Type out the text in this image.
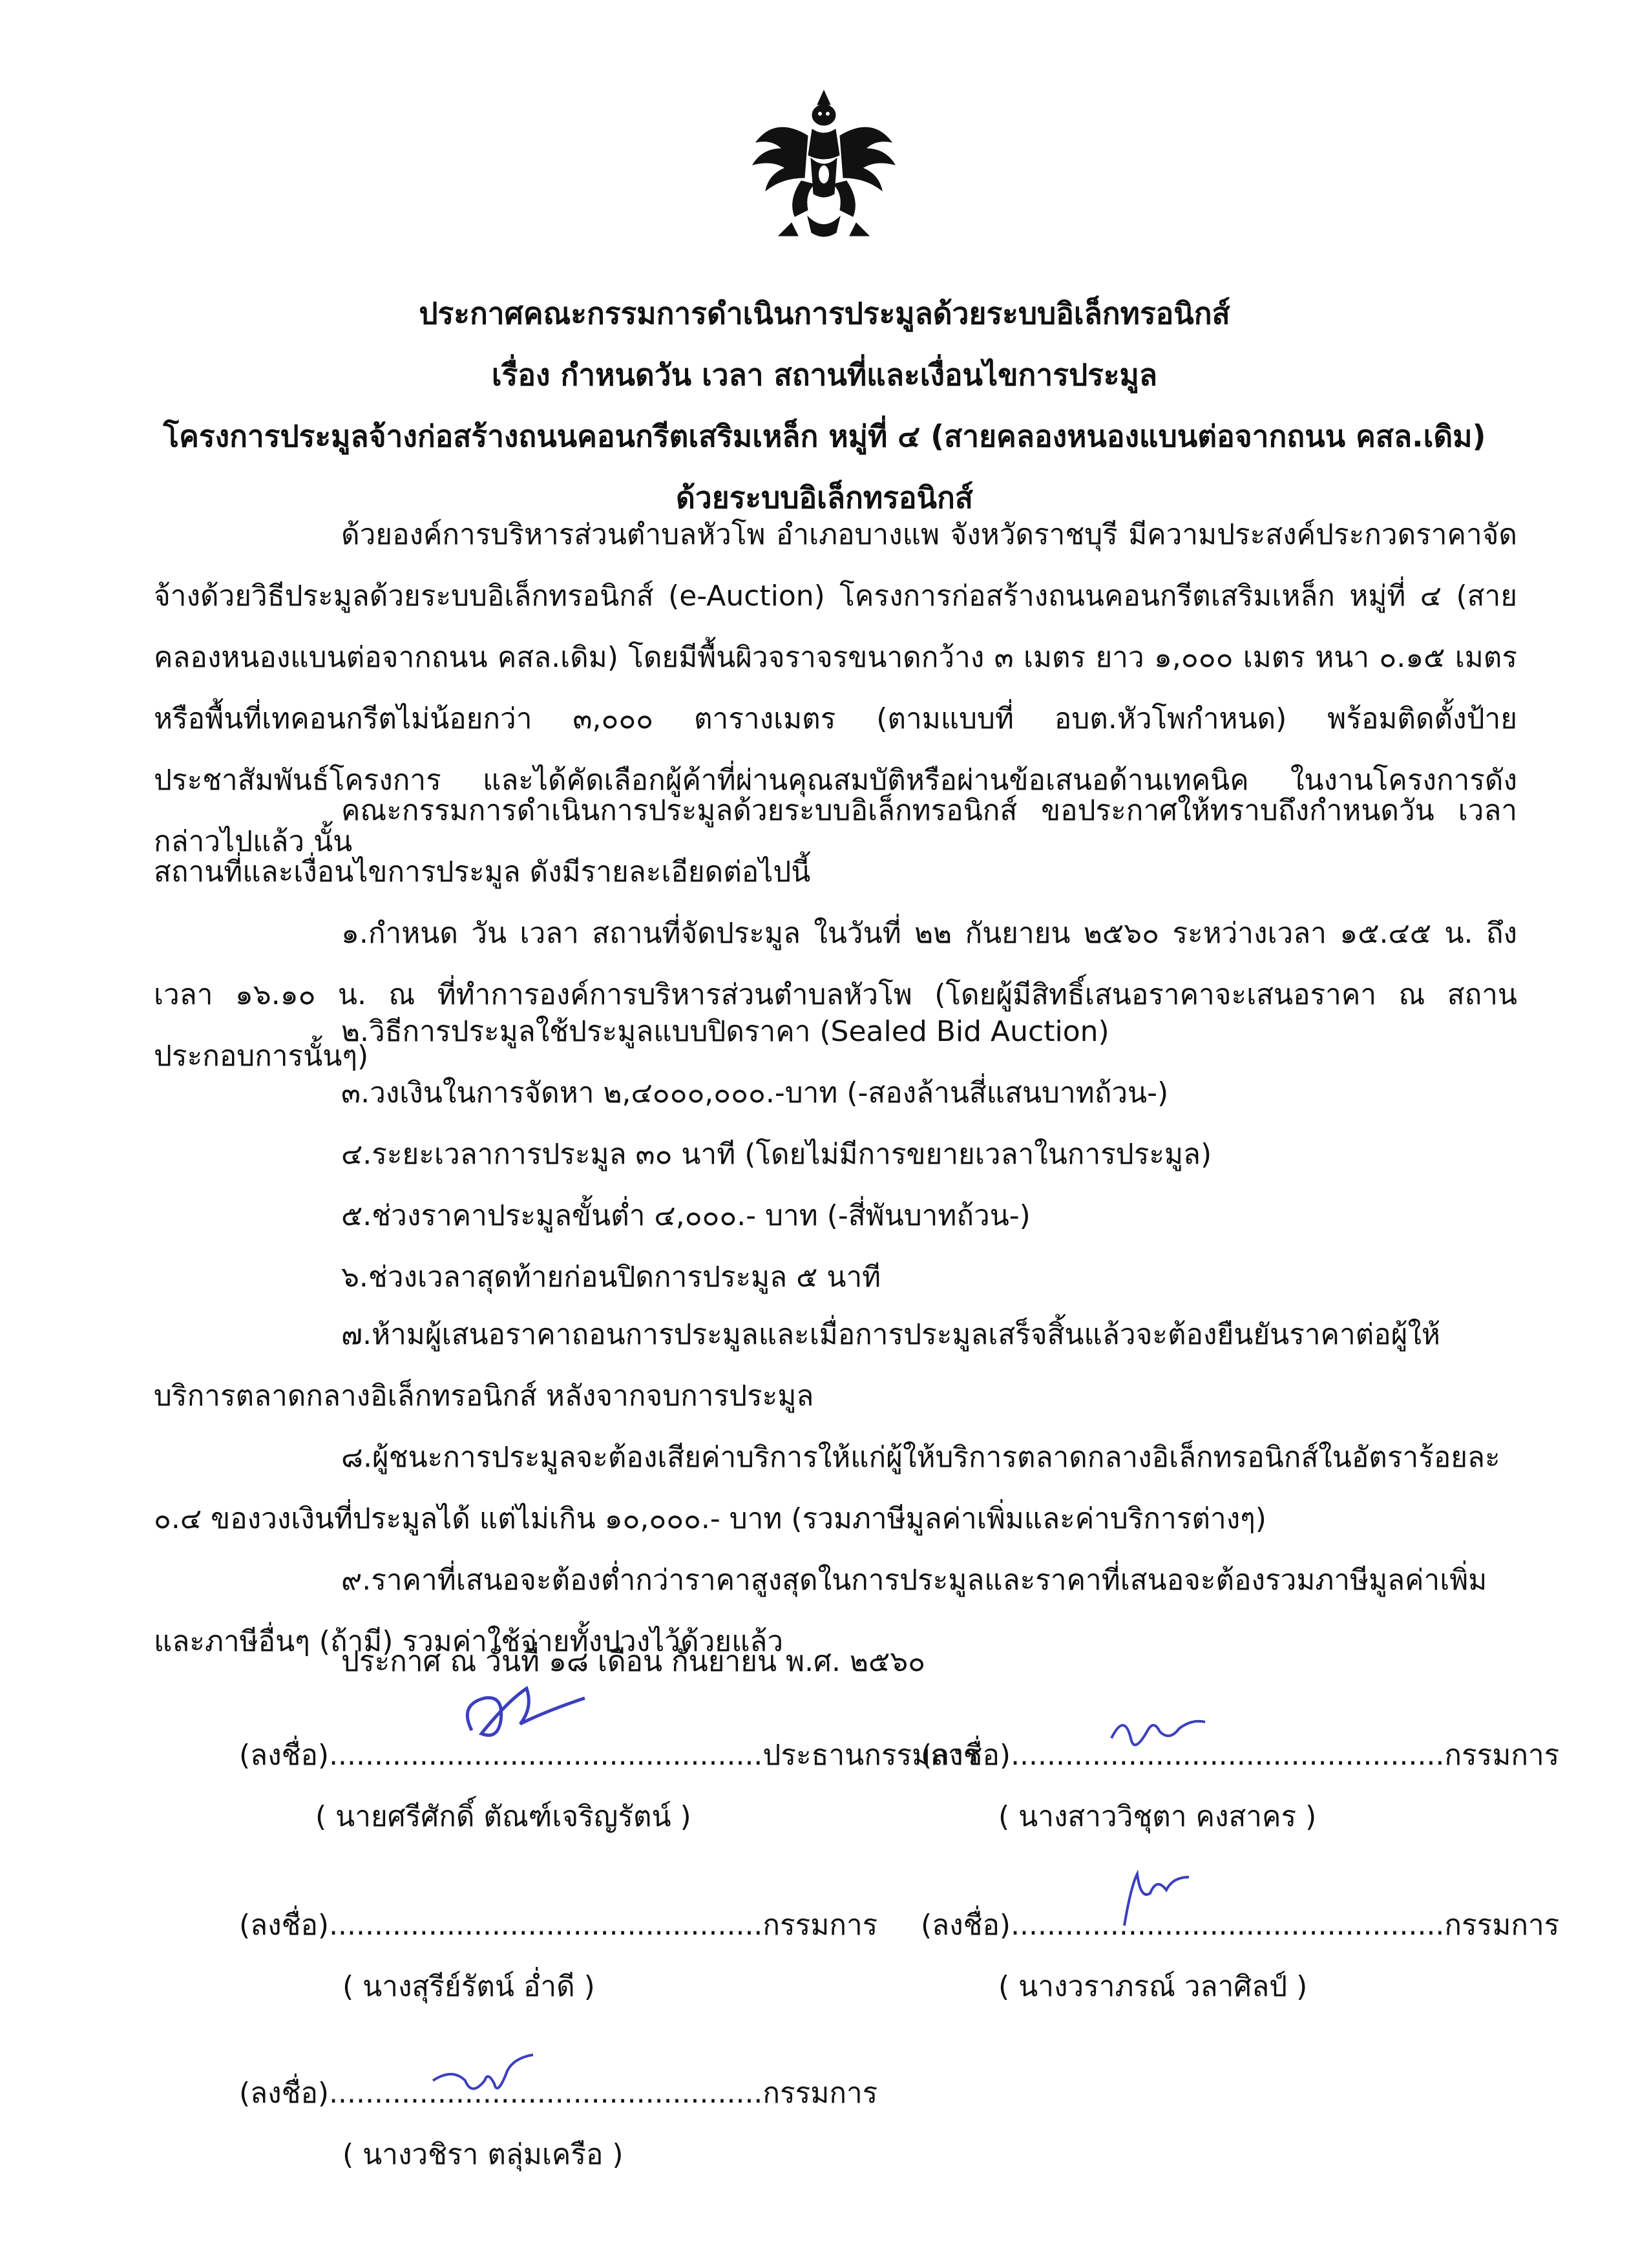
ประกาศคณะกรรมการดำเนินการประมูลด้วยระบบอิเล็กทรอนิกส์
เรื่อง กำหนดวัน เวลา สถานที่และเงื่อนไขการประมูล
โครงการประมูลจ้างก่อสร้างถนนคอนกรีตเสริมเหล็ก หมู่ที่ ๔ (สายคลองหนองแบนต่อจากถนน คสล.เดิม)
ด้วยระบบอิเล็กทรอนิกส์

ด้วยองค์การบริหารส่วนตำบลหัวโพ อำเภอบางแพ จังหวัดราชบุรี มีความประสงค์ประกวดราคาจัดจ้างด้วยวิธีประมูลด้วยระบบอิเล็กทรอนิกส์ (e-Auction) โครงการก่อสร้างถนนคอนกรีตเสริมเหล็ก หมู่ที่ ๔ (สายคลองหนองแบนต่อจากถนน คสล.เดิม) โดยมีพื้นผิวจราจรขนาดกว้าง ๓ เมตร ยาว ๑,๐๐๐ เมตร หนา ๐.๑๕ เมตร หรือพื้นที่เทคอนกรีตไม่น้อยกว่า ๓,๐๐๐ ตารางเมตร (ตามแบบที่ อบต.หัวโพกำหนด) พร้อมติดตั้งป้ายประชาสัมพันธ์โครงการ และได้คัดเลือกผู้ค้าที่ผ่านคุณสมบัติหรือผ่านข้อเสนอด้านเทคนิค ในงานโครงการดังกล่าวไปแล้ว นั้น

คณะกรรมการดำเนินการประมูลด้วยระบบอิเล็กทรอนิกส์ ขอประกาศให้ทราบถึงกำหนดวัน เวลา สถานที่และเงื่อนไขการประมูล ดังมีรายละเอียดต่อไปนี้

๑.กำหนด วัน เวลา สถานที่จัดประมูล ในวันที่ ๒๒ กันยายน ๒๕๖๐ ระหว่างเวลา ๑๕.๔๕ น. ถึงเวลา ๑๖.๑๐ น. ณ ที่ทำการองค์การบริหารส่วนตำบลหัวโพ (โดยผู้มีสิทธิ์เสนอราคาจะเสนอราคา ณ สถานประกอบการนั้นๆ)

๒.วิธีการประมูลใช้ประมูลแบบปิดราคา (Sealed Bid Auction)
๓.วงเงินในการจัดหา ๒,๔๐๐๐,๐๐๐.-บาท (-สองล้านสี่แสนบาทถ้วน-)
๔.ระยะเวลาการประมูล ๓๐ นาที (โดยไม่มีการขยายเวลาในการประมูล)
๕.ช่วงราคาประมูลขั้นต่ำ ๔,๐๐๐.- บาท (-สี่พันบาทถ้วน-)
๖.ช่วงเวลาสุดท้ายก่อนปิดการประมูล ๕ นาที

๗.ห้ามผู้เสนอราคาถอนการประมูลและเมื่อการประมูลเสร็จสิ้นแล้วจะต้องยืนยันราคาต่อผู้ให้บริการตลาดกลางอิเล็กทรอนิกส์ หลังจากจบการประมูล

๘.ผู้ชนะการประมูลจะต้องเสียค่าบริการให้แก่ผู้ให้บริการตลาดกลางอิเล็กทรอนิกส์ในอัตราร้อยละ ๐.๔ ของวงเงินที่ประมูลได้ แต่ไม่เกิน ๑๐,๐๐๐.- บาท (รวมภาษีมูลค่าเพิ่มและค่าบริการต่างๆ)

๙.ราคาที่เสนอจะต้องต่ำกว่าราคาสูงสุดในการประมูลและราคาที่เสนอจะต้องรวมภาษีมูลค่าเพิ่มและภาษีอื่นๆ (ถ้ามี) รวมค่าใช้จ่ายทั้งปวงไว้ด้วยแล้ว

ประกาศ ณ วันที่ ๑๘ เดือน กันยายน พ.ศ. ๒๕๖๐
(ลงชื่อ)................................................ประธานกรรมการ
( นายศรีศักดิ์ ตัณฑ์เจริญรัตน์ )
(ลงชื่อ)................................................กรรมการ
( นางสาววิชุตา คงสาคร )
(ลงชื่อ)................................................กรรมการ
( นางสุรีย์รัตน์ อ่ำดี )
(ลงชื่อ)................................................กรรมการ
( นางวราภรณ์ วลาศิลป์ )
(ลงชื่อ)................................................กรรมการ
( นางวชิรา ตลุ่มเครือ )
